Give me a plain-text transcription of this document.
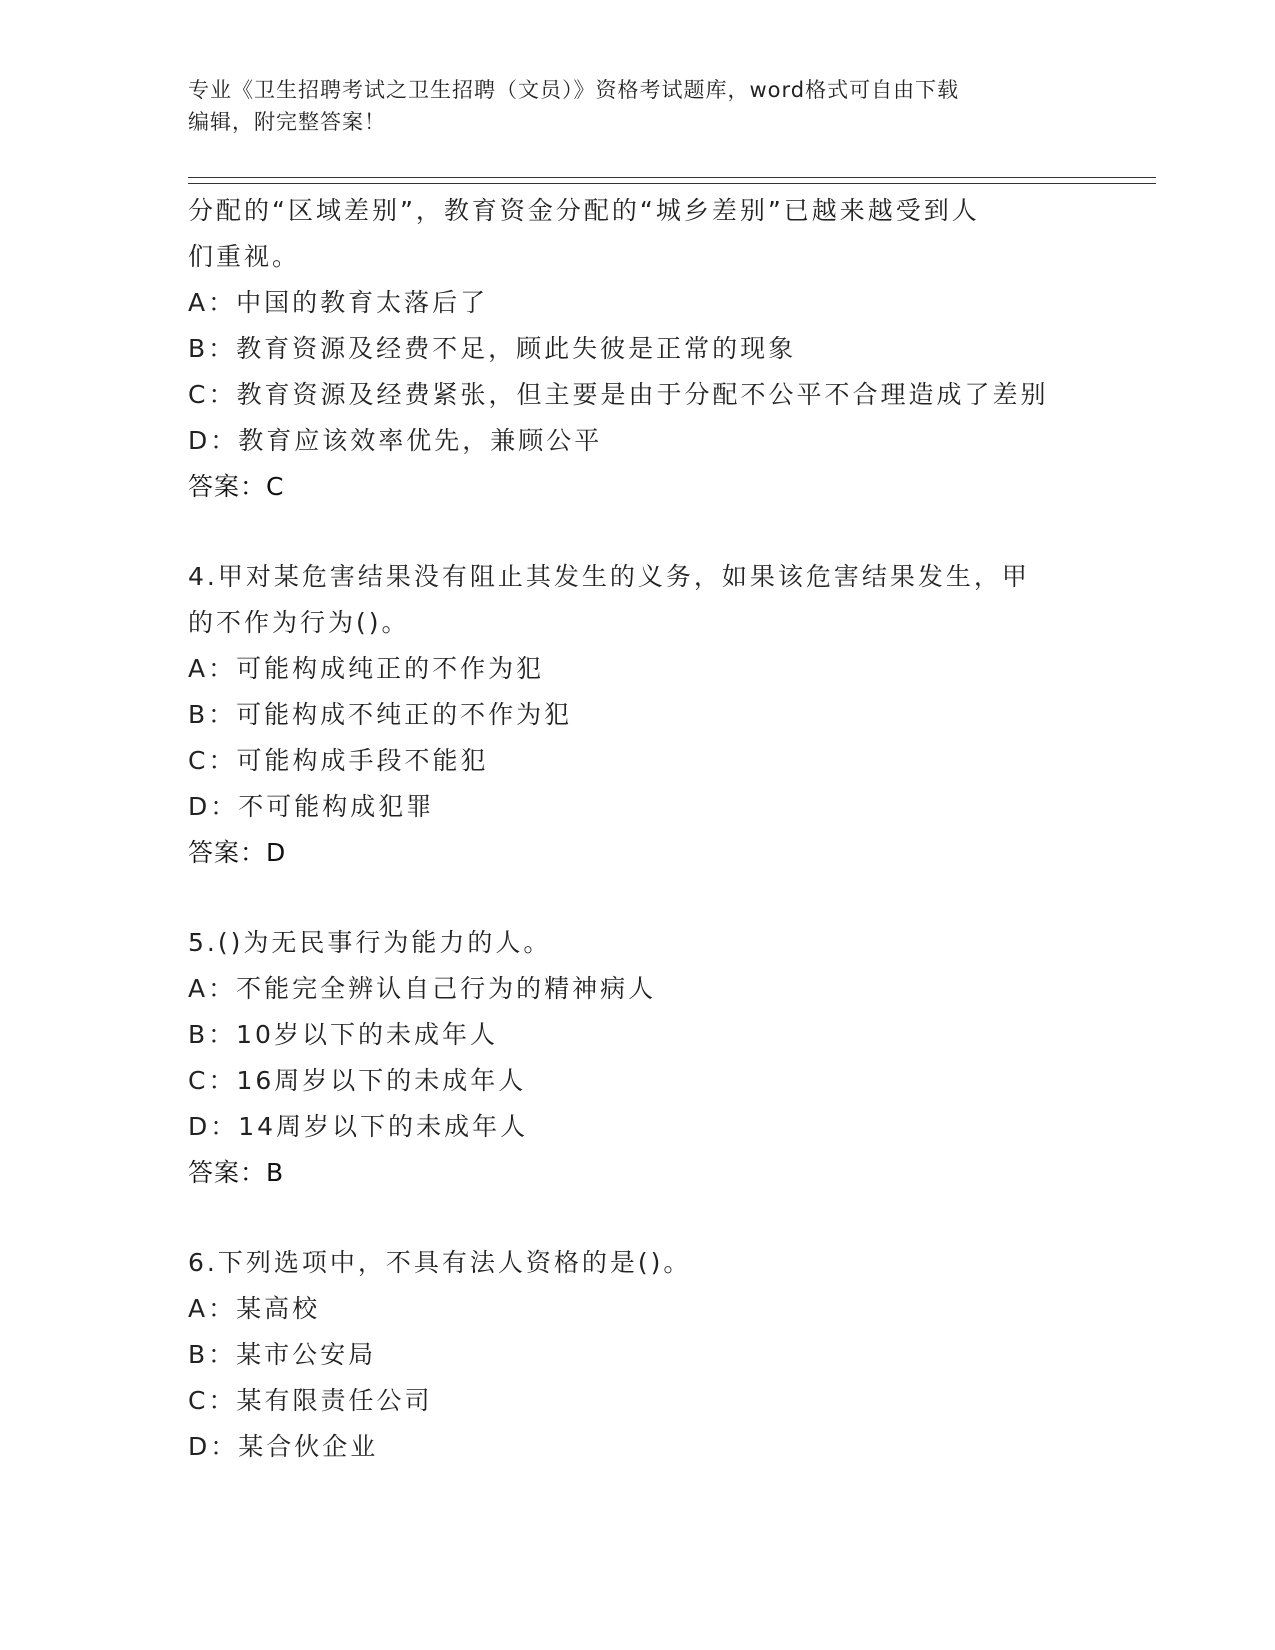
专业《卫生招聘考试之卫生招聘（文员）》资格考试题库，word格式可自由下载
编辑，附完整答案！
分配的“区域差别”，教育资金分配的“城乡差别”已越来越受到人
们重视。
A：中国的教育太落后了
B：教育资源及经费不足，顾此失彼是正常的现象
C：教育资源及经费紧张，但主要是由于分配不公平不合理造成了差别
D：教育应该效率优先，兼顾公平
答案：C
4.甲对某危害结果没有阻止其发生的义务，如果该危害结果发生，甲
的不作为行为()。
A：可能构成纯正的不作为犯
B：可能构成不纯正的不作为犯
C：可能构成手段不能犯
D：不可能构成犯罪
答案：D
5.()为无民事行为能力的人。
A：不能完全辨认自己行为的精神病人
B：10岁以下的未成年人
C：16周岁以下的未成年人
D：14周岁以下的未成年人
答案：B
6.下列选项中，不具有法人资格的是()。
A：某高校
B：某市公安局
C：某有限责任公司
D：某合伙企业
